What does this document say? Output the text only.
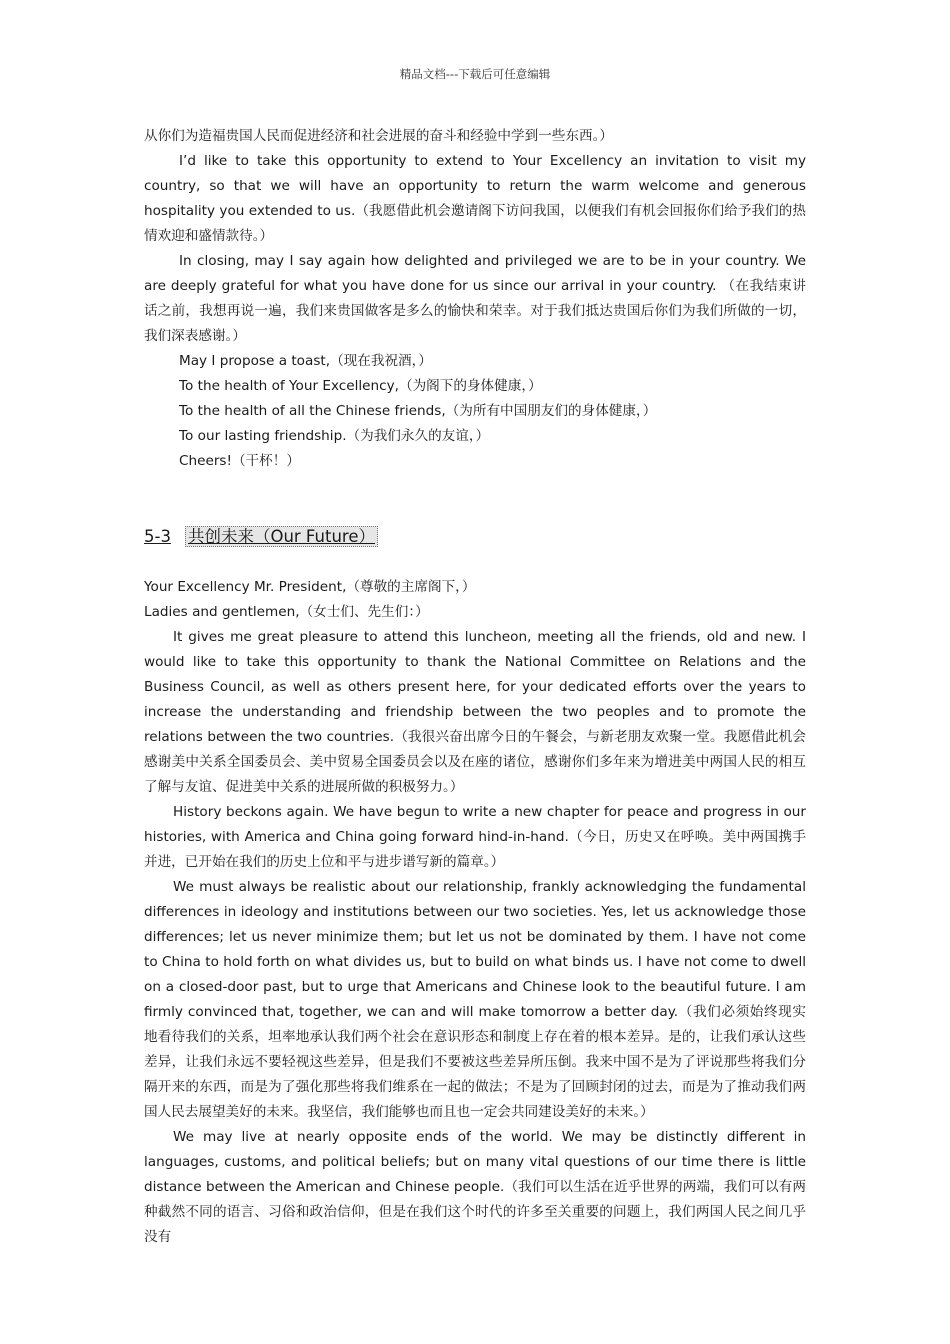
精品文档---下载后可任意编辑

从你们为造福贵国人民而促进经济和社会进展的奋斗和经验中学到一些东西。）

I’d like to take this opportunity to extend to Your Excellency an invitation to visit my country, so that we will have an opportunity to return the warm welcome and generous hospitality you extended to us.（我愿借此机会邀请阁下访问我国，以便我们有机会回报你们给予我们的热情欢迎和盛情款待。）

In closing, may I say again how delighted and privileged we are to be in your country. We are deeply grateful for what you have done for us since our arrival in your country. （在我结束讲话之前，我想再说一遍，我们来贵国做客是多么的愉快和荣幸。对于我们抵达贵国后你们为我们所做的一切，我们深表感谢。）

May I propose a toast,（现在我祝酒，）

To the health of Your Excellency,（为阁下的身体健康，）

To the health of all the Chinese friends,（为所有中国朋友们的身体健康，）

To our lasting friendship.（为我们永久的友谊，）

Cheers!（干杯！）

5-3 共创未来（Our Future）

Your Excellency Mr. President,（尊敬的主席阁下，）

Ladies and gentlemen,（女士们、先生们：）

It gives me great pleasure to attend this luncheon, meeting all the friends, old and new. I would like to take this opportunity to thank the National Committee on Relations and the Business Council, as well as others present here, for your dedicated efforts over the years to increase the understanding and friendship between the two peoples and to promote the relations between the two countries.（我很兴奋出席今日的午餐会，与新老朋友欢聚一堂。我愿借此机会感谢美中关系全国委员会、美中贸易全国委员会以及在座的诸位，感谢你们多年来为增进美中两国人民的相互了解与友谊、促进美中关系的进展所做的积极努力。）

History beckons again. We have begun to write a new chapter for peace and progress in our histories, with America and China going forward hind-in-hand.（今日，历史又在呼唤。美中两国携手并进，已开始在我们的历史上位和平与进步谱写新的篇章。）

We must always be realistic about our relationship, frankly acknowledging the fundamental differences in ideology and institutions between our two societies. Yes, let us acknowledge those differences; let us never minimize them; but let us not be dominated by them. I have not come to China to hold forth on what divides us, but to build on what binds us. I have not come to dwell on a closed-door past, but to urge that Americans and Chinese look to the beautiful future. I am firmly convinced that, together, we can and will make tomorrow a better day.（我们必须始终现实地看待我们的关系，坦率地承认我们两个社会在意识形态和制度上存在着的根本差异。是的，让我们承认这些差异，让我们永远不要轻视这些差异，但是我们不要被这些差异所压倒。我来中国不是为了评说那些将我们分隔开来的东西，而是为了强化那些将我们维系在一起的做法；不是为了回顾封闭的过去，而是为了推动我们两国人民去展望美好的未来。我坚信，我们能够也而且也一定会共同建设美好的未来。）

We may live at nearly opposite ends of the world. We may be distinctly different in languages, customs, and political beliefs; but on many vital questions of our time there is little distance between the American and Chinese people.（我们可以生活在近乎世界的两端，我们可以有两种截然不同的语言、习俗和政治信仰，但是在我们这个时代的许多至关重要的问题上，我们两国人民之间几乎没有
